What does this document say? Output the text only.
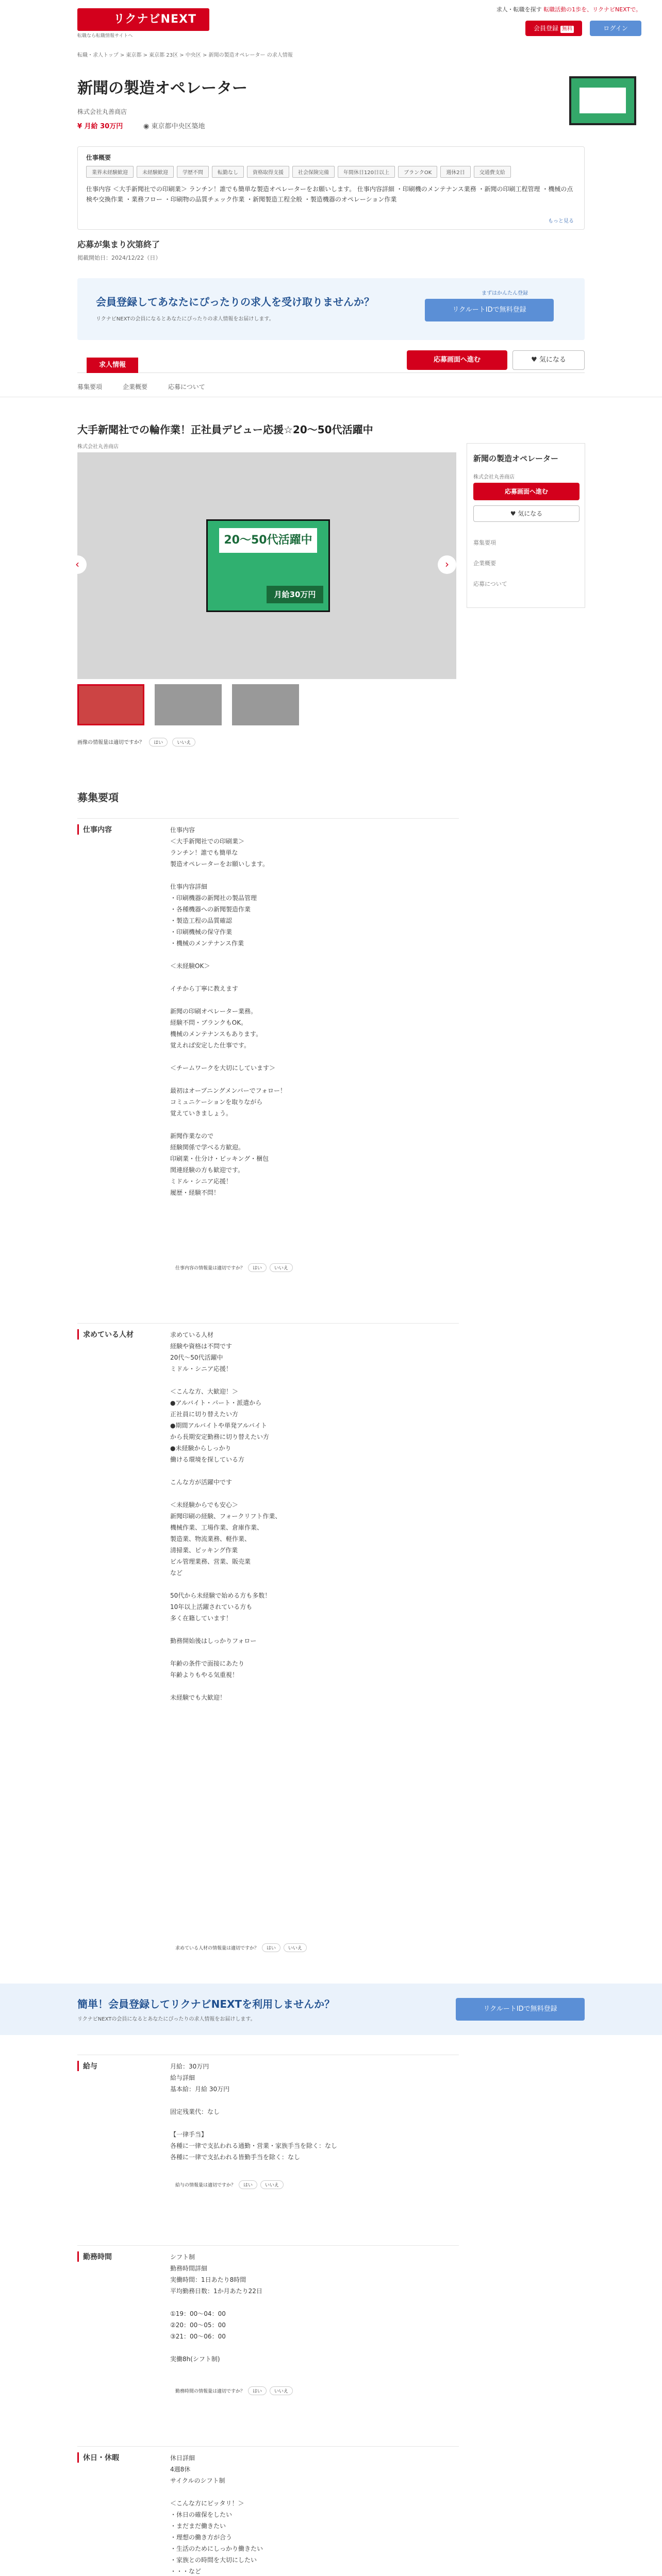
リクナビNEXT
転職なら転職情報サイトへ
求人・転職を探す 転職活動の1歩を、リクナビNEXTで。
会員登録 無料	ログイン
転職・求人トップ > 東京都 > 東京都 23区 > 中央区 > 新聞の製造オペレーター の求人情報
新聞の製造オペレーター
株式会社丸善商店
¥ 月給 30万円	◉ 東京都中央区築地
仕事概要
業界未経験歓迎	未経験歓迎	学歴不問	転勤なし	資格取得支援	社会保険完備	年間休日120日以上	ブランクOK	週休2日	交通費支給
仕事内容 ＜大手新聞社での印刷業＞ ランチン！誰でも簡単な製造オペレーターをお願いします。 仕事内容詳細 ・印刷機のメンテナンス業務 ・新聞の印刷工程管理 ・機械の点検や交換作業 ・業務フロー ・印刷物の品質チェック作業 ・新聞製造工程全般 ・製造機器のオペレーション作業
もっと見る
応募が集まり次第終了
掲載開始日：2024/12/22（日）
会員登録してあなたにぴったりの求人を受け取りませんか？

リクナビNEXTの会員になるとあなたにぴったりの求人情報をお届けします。

まずはかんたん登録
リクルートIDで無料登録
求人情報
応募画面へ進む	♥ 気になる
募集要項	企業概要	応募について
大手新聞社での輪作業！正社員デビュー応援☆20〜50代活躍中
株式会社丸善商店
20〜50代活躍中
月給30万円
‹	›
画像の情報量は適切ですか？ はい	いいえ
新聞の製造オペレーター
株式会社丸善商店
応募画面へ進む
♥ 気になる
募集要項
企業概要
応募について
募集要項
仕事内容	仕事内容
＜大手新聞社での印刷業＞
ランチン！誰でも簡単な
製造オペレーターをお願いします。

仕事内容詳細
・印刷機器の新聞社の製品管理
・各種機器への新聞製造作業
・製造工程の品質確認
・印刷機械の保守作業
・機械のメンテナンス作業

＜未経験OK＞

イチから丁寧に教えます

新聞の印刷オペレーター業務。
経験不問・ブランクもOK。
機械のメンテナンスもあります。
覚えれば安定した仕事です。

＜チームワークを大切にしています＞

最初はオープニングメンバーでフォロー！
コミュニケーションを取りながら
覚えていきましょう。

新聞作業なので
経験関係で学べる方歓迎。
印刷業・仕分け・ピッキング・梱包
関連経験の方も歓迎です。
ミドル・シニア応援！
履歴・経験不問！
仕事内容の情報量は適切ですか？ はい	いいえ
求めている人材	求めている人材
経験や資格は不問です
20代〜50代活躍中
ミドル・シニア応援！

＜こんな方、大歓迎！＞
●アルバイト・パート・派遣から
正社員に切り替えたい方
●期間アルバイトや単発アルバイト
から長期安定勤務に切り替えたい方
●未経験からしっかり
働ける環境を探している方

こんな方が活躍中です

＜未経験からでも安心＞
新聞印刷の経験、フォークリフト作業、
機械作業、工場作業、倉庫作業、
製造業、物流業務、軽作業、
清掃業、ピッキング作業
ビル管理業務、営業、販売業
など

50代から未経験で始める方も多数！
10年以上活躍されている方も
多く在籍しています！

勤務開始後はしっかりフォロー

年齢の条件で面接にあたり
年齢よりもやる気重視！

未経験でも大歓迎！
求めている人材の情報量は適切ですか？ はい	いいえ
給与	月給：30万円
給与詳細
基本給：月給 30万円

固定残業代：なし

【一律手当】
各種に一律で支払われる通勤・営業・家族手当を除く：なし
各種に一律で支払われる皆勤手当を除く：なし
給与の情報量は適切ですか？ はい	いいえ
勤務時間	シフト制
勤務時間詳細
実働時間：1日あたり8時間
平均勤務日数：1か月あたり22日

①19：00〜04：00
②20：00〜05：00
③21：00〜06：00

実働8h(シフト制)
勤務時間の情報量は適切ですか？ はい	いいえ
休日・休暇	休日詳細
4週8休
サイクルのシフト制

＜こんな方にピッタリ！＞
・休日の確保をしたい
・まだまだ働きたい
・理想の働き方が合う
・生活のためにしっかり働きたい
・家族との時間を大切にしたい
・・・など
簡単！会員登録してリクナビNEXTを利用しませんか？

リクナビNEXTの会員になるとあなたにぴったりの求人情報をお届けします。

リクルートIDで無料登録
